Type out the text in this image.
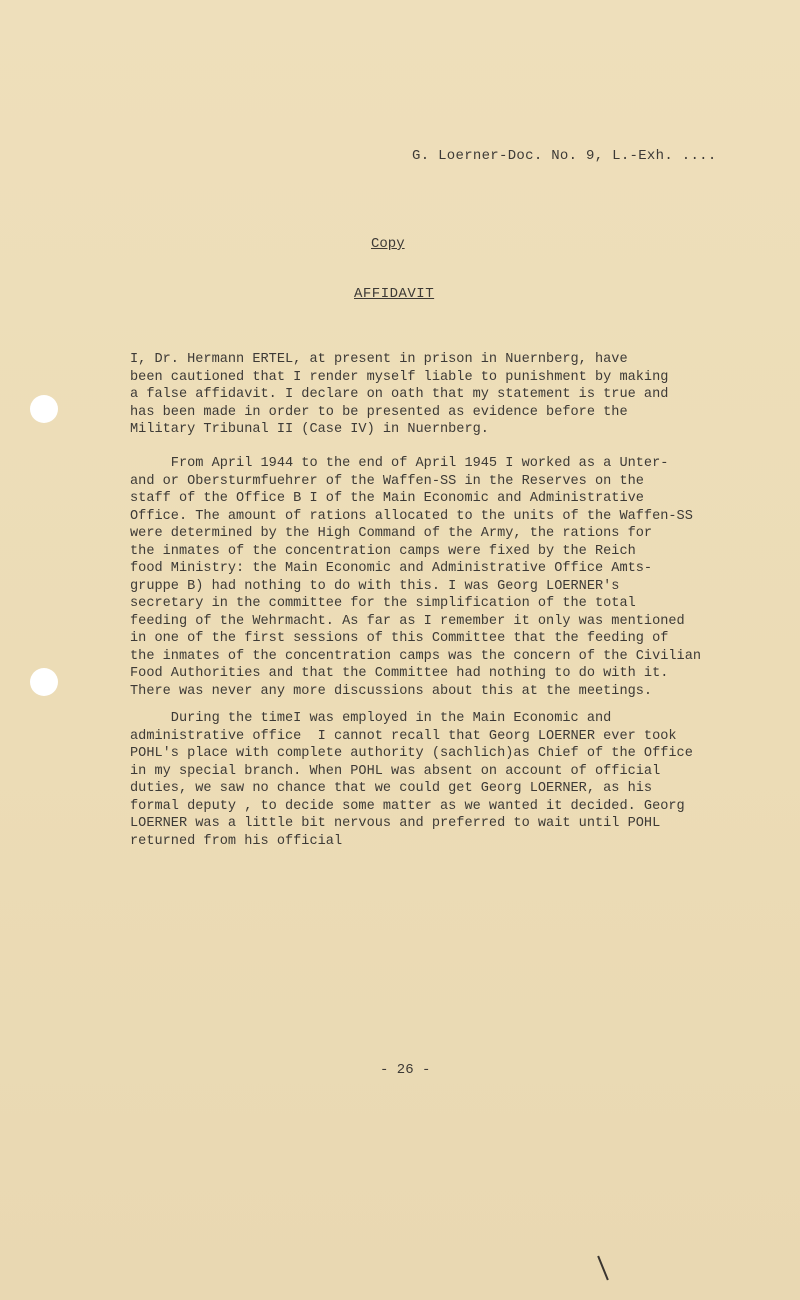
G. Loerner-Doc. No. 9, L.-Exh. ....
Copy
AFFIDAVIT

I, Dr. Hermann ERTEL, at present in prison in Nuernberg, have
been cautioned that I render myself liable to punishment by making
a false affidavit. I declare on oath that my statement is true and
has been made in order to be presented as evidence before the
Military Tribunal II (Case IV) in Nuernberg.

From April 1944 to the end of April 1945 I worked as a Unter-
and or Obersturmfuehrer of the Waffen-SS in the Reserves on the
staff of the Office B I of the Main Economic and Administrative
Office. The amount of rations allocated to the units of the Waffen-SS
were determined by the High Command of the Army, the rations for
the inmates of the concentration camps were fixed by the Reich
food Ministry: the Main Economic and Administrative Office Amts-
gruppe B) had nothing to do with this. I was Georg LOERNER's
secretary in the committee for the simplification of the total
feeding of the Wehrmacht. As far as I remember it only was mentioned
in one of the first sessions of this Committee that the feeding of
the inmates of the concentration camps was the concern of the Civilian
Food Authorities and that the Committee had nothing to do with it.
There was never any more discussions about this at the meetings.

During the timeI was employed in the Main Economic and
administrative office  I cannot recall that Georg LOERNER ever took
POHL's place with complete authority (sachlich)as Chief of the Office
in my special branch. When POHL was absent on account of official
duties, we saw no chance that we could get Georg LOERNER, as his
formal deputy , to decide some matter as we wanted it decided. Georg
LOERNER was a little bit nervous and preferred to wait until POHL
returned from his official

- 26 -
